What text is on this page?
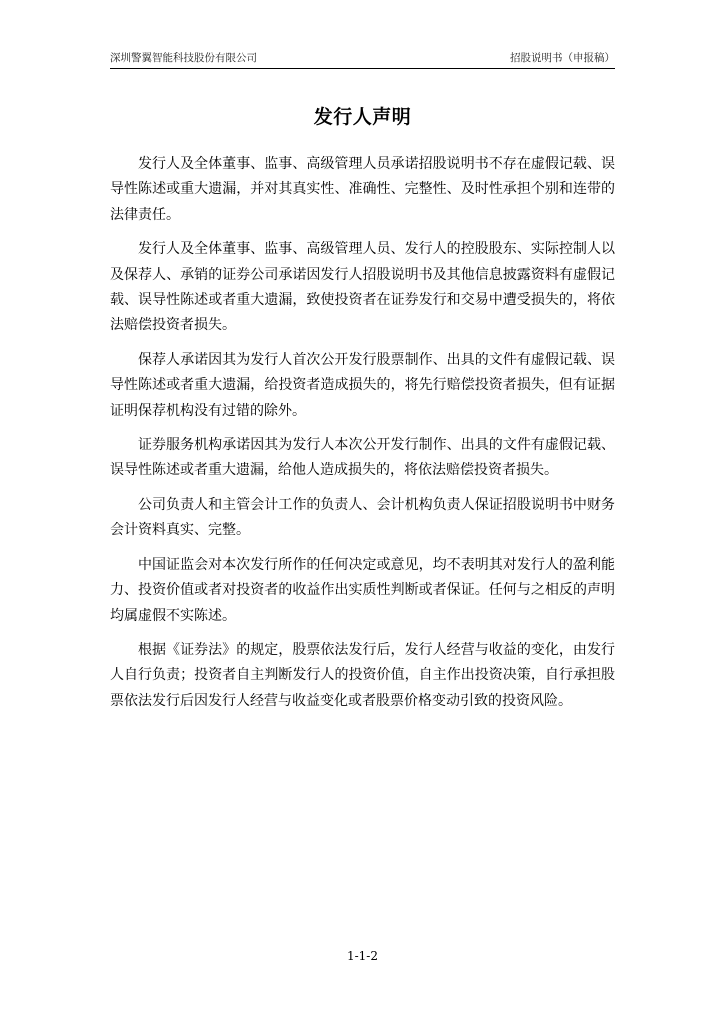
深圳警翼智能科技股份有限公司	招股说明书（申报稿）
发行人声明

发行人及全体董事、监事、高级管理人员承诺招股说明书不存在虚假记载、误导性陈述或重大遗漏，并对其真实性、准确性、完整性、及时性承担个别和连带的法律责任。

发行人及全体董事、监事、高级管理人员、发行人的控股股东、实际控制人以及保荐人、承销的证券公司承诺因发行人招股说明书及其他信息披露资料有虚假记载、误导性陈述或者重大遗漏，致使投资者在证券发行和交易中遭受损失的，将依法赔偿投资者损失。

保荐人承诺因其为发行人首次公开发行股票制作、出具的文件有虚假记载、误导性陈述或者重大遗漏，给投资者造成损失的，将先行赔偿投资者损失，但有证据证明保荐机构没有过错的除外。

证券服务机构承诺因其为发行人本次公开发行制作、出具的文件有虚假记载、误导性陈述或者重大遗漏，给他人造成损失的，将依法赔偿投资者损失。

公司负责人和主管会计工作的负责人、会计机构负责人保证招股说明书中财务会计资料真实、完整。

中国证监会对本次发行所作的任何决定或意见，均不表明其对发行人的盈利能力、投资价值或者对投资者的收益作出实质性判断或者保证。任何与之相反的声明均属虚假不实陈述。

根据《证券法》的规定，股票依法发行后，发行人经营与收益的变化，由发行人自行负责；投资者自主判断发行人的投资价值，自主作出投资决策，自行承担股票依法发行后因发行人经营与收益变化或者股票价格变动引致的投资风险。

1-1-2
